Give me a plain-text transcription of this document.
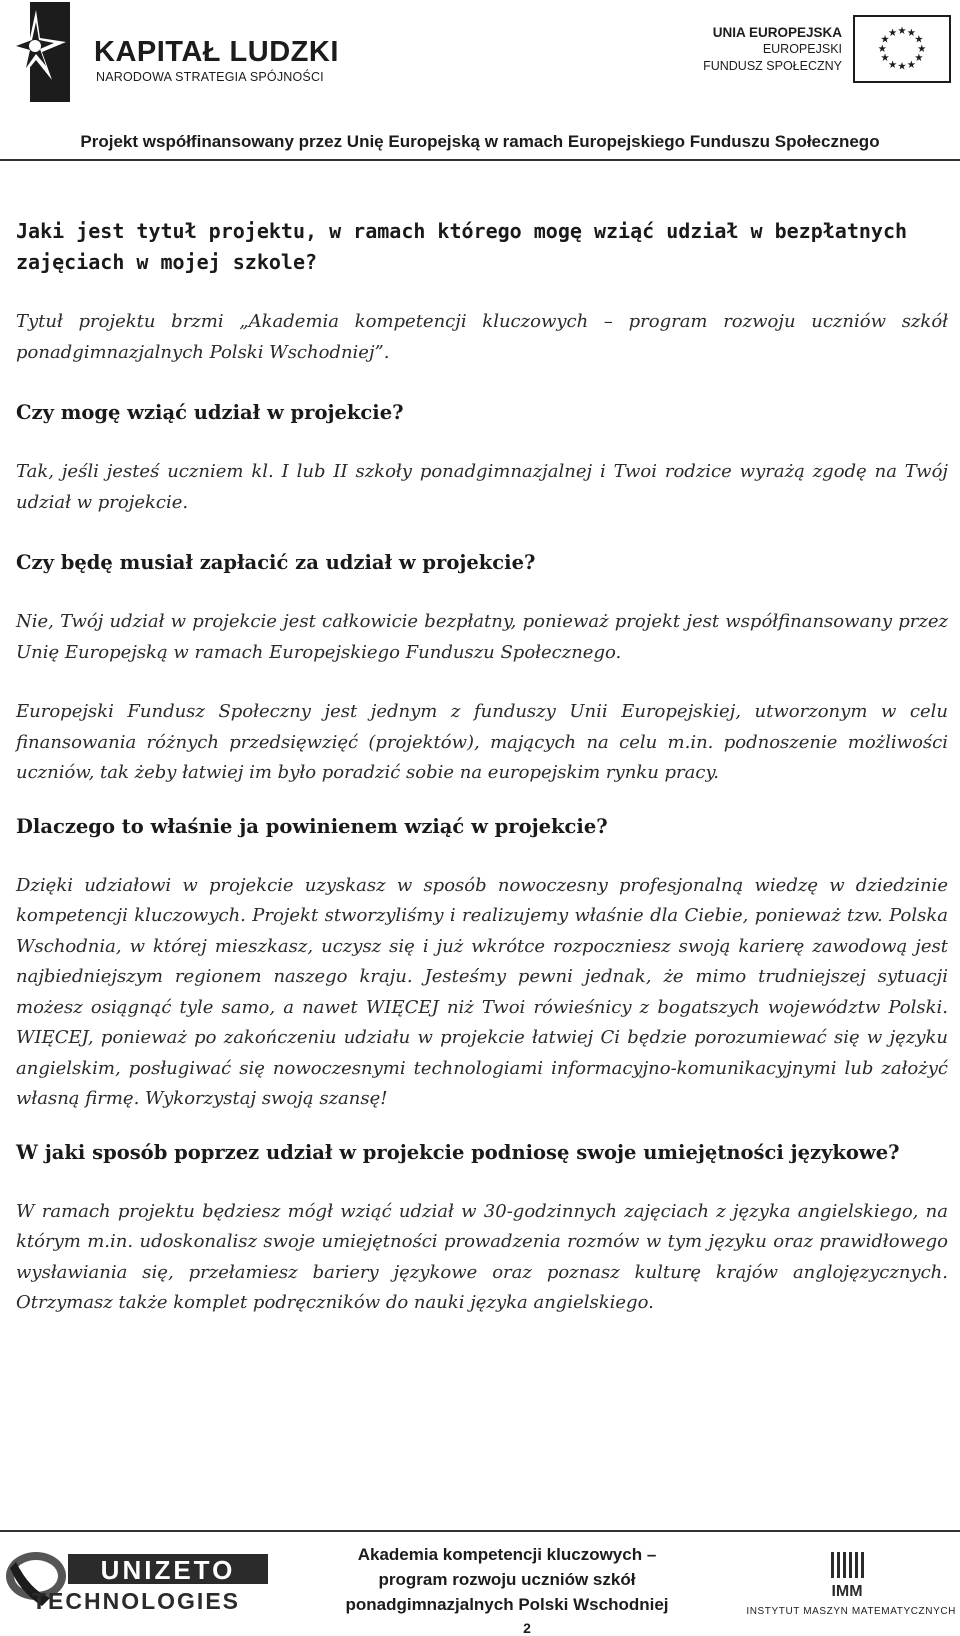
KAPITAŁ LUDZKI
NARODOWA STRATEGIA SPÓJNOŚCI
UNIA EUROPEJSKA
EUROPEJSKI
FUNDUSZ SPOŁECZNY
★ ★
★
★
★
★
★
★
★
★
★
★
Projekt współfinansowany przez Unię Europejską w ramach Europejskiego Funduszu Społecznego
Jaki jest tytuł projektu, w ramach którego mogę wziąć udział w bezpłatnych zajęciach w mojej szkole?
Tytuł projektu brzmi „Akademia kompetencji kluczowych – program rozwoju uczniów szkół ponadgimnazjalnych Polski Wschodniej”.
Czy mogę wziąć udział w projekcie?
Tak, jeśli jesteś uczniem kl. I lub II szkoły ponadgimnazjalnej i Twoi rodzice wyrażą zgodę na Twój udział w projekcie.
Czy będę musiał zapłacić za udział w projekcie?
Nie, Twój udział w projekcie jest całkowicie bezpłatny, ponieważ projekt jest współfinansowany przez Unię Europejską w ramach Europejskiego Funduszu Społecznego.
Europejski Fundusz Społeczny jest jednym z funduszy Unii Europejskiej, utworzonym w celu finansowania różnych przedsięwzięć (projektów), mających na celu m.in. podnoszenie możliwości uczniów, tak żeby łatwiej im było poradzić sobie na europejskim rynku pracy.
Dlaczego to właśnie ja powinienem wziąć w projekcie?
Dzięki udziałowi w projekcie uzyskasz w sposób nowoczesny profesjonalną wiedzę w dziedzinie kompetencji kluczowych. Projekt stworzyliśmy i realizujemy właśnie dla Ciebie, ponieważ tzw. Polska Wschodnia, w której mieszkasz, uczysz się i już wkrótce rozpoczniesz swoją karierę zawodową jest najbiedniejszym regionem naszego kraju. Jesteśmy pewni jednak, że mimo trudniejszej sytuacji możesz osiągnąć tyle samo, a nawet WIĘCEJ niż Twoi rówieśnicy z bogatszych województw Polski. WIĘCEJ, ponieważ po zakończeniu udziału w projekcie łatwiej Ci będzie porozumiewać się w języku angielskim, posługiwać się nowoczesnymi technologiami informacyjno-komunikacyjnymi lub założyć własną firmę. Wykorzystaj swoją szansę!
W jaki sposób poprzez udział w projekcie podniosę swoje umiejętności językowe?
W ramach projektu będziesz mógł wziąć udział w 30-godzinnych zajęciach z języka angielskiego, na którym m.in. udoskonalisz swoje umiejętności prowadzenia rozmów w tym języku oraz prawidłowego wysławiania się, przełamiesz bariery językowe oraz poznasz kulturę krajów anglojęzycznych. Otrzymasz także komplet podręczników do nauki języka angielskiego.
UNIZETO
TECHNOLOGIES
Akademia kompetencji kluczowych –
program rozwoju uczniów szkół
ponadgimnazjalnych Polski Wschodniej
2
IMM
INSTYTUT MASZYN MATEMATYCZNYCH
